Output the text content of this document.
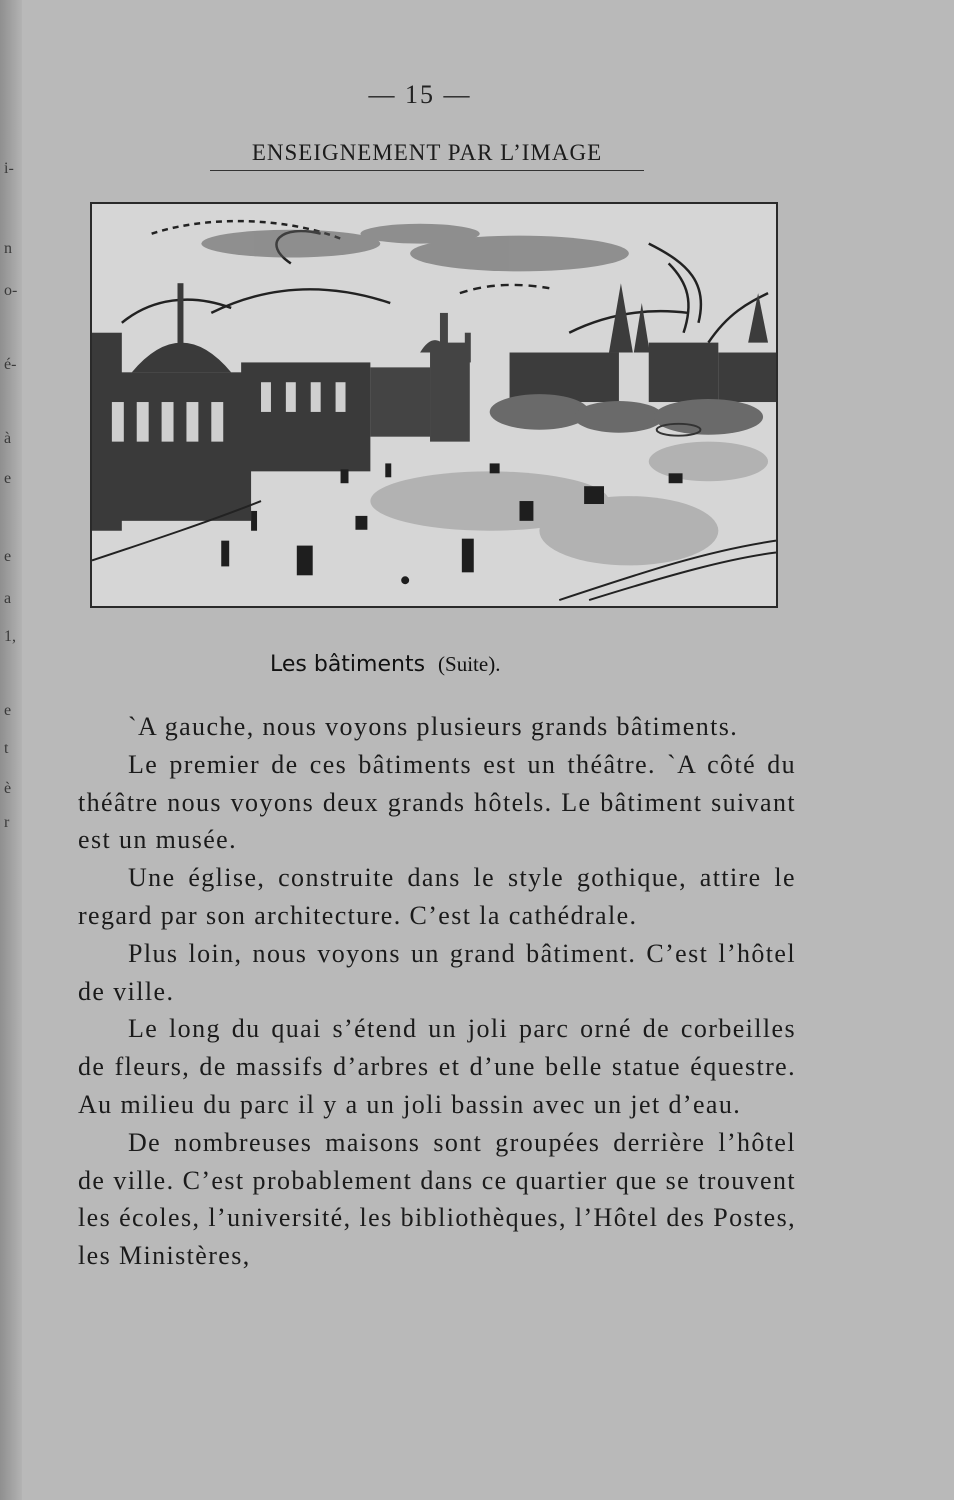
i-
n
o-
é-
à
e
e
a
1,
e
t
è
r
— 15 —
ENSEIGNEMENT PAR L’IMAGE
Les bâtiments (Suite).

`A gauche, nous voyons plusieurs grands bâtiments.

Le premier de ces bâtiments est un théâtre. `A côté du théâtre nous voyons deux grands hôtels. Le bâtiment suivant est un musée.

Une église, construite dans le style gothique, attire le regard par son architecture. C’est la cathédrale.

Plus loin, nous voyons un grand bâtiment. C’est l’hôtel de ville.

Le long du quai s’étend un joli parc orné de corbeilles de fleurs, de massifs d’arbres et d’une belle statue équestre. Au milieu du parc il y a un joli bassin avec un jet d’eau.

De nombreuses maisons sont groupées derrière l’hôtel de ville. C’est probablement dans ce quartier que se trouvent les écoles, l’université, les bibliothèques, l’Hôtel des Postes, les Ministères,
